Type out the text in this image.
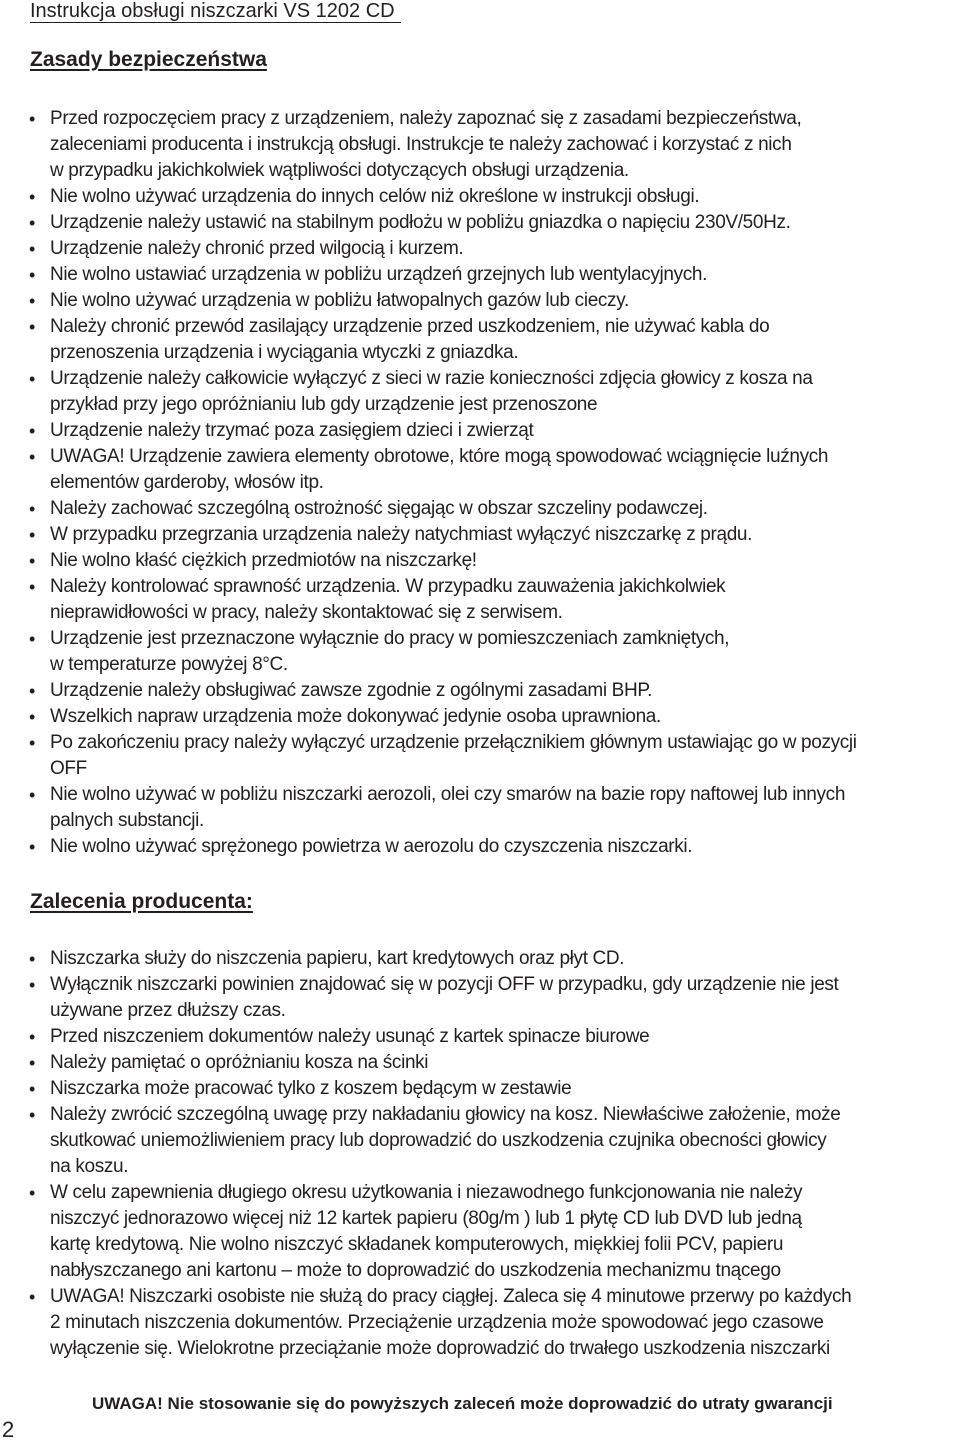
Instrukcja obsługi niszczarki VS 1202 CD
Zasady bezpieczeństwa
• Przed rozpoczęciem pracy z urządzeniem, należy zapoznać się z zasadami bezpieczeństwa,
zaleceniami producenta i instrukcją obsługi. Instrukcje te należy zachować i korzystać z nich
w przypadku jakichkolwiek wątpliwości dotyczących obsługi urządzenia.
• Nie wolno używać urządzenia do innych celów niż określone w instrukcji obsługi.
• Urządzenie należy ustawić na stabilnym podłożu w pobliżu gniazdka o napięciu 230V/50Hz.
• Urządzenie należy chronić przed wilgocią i kurzem.
• Nie wolno ustawiać urządzenia w pobliżu urządzeń grzejnych lub wentylacyjnych.
• Nie wolno używać urządzenia w pobliżu łatwopalnych gazów lub cieczy.
• Należy chronić przewód zasilający urządzenie przed uszkodzeniem, nie używać kabla do
przenoszenia urządzenia i wyciągania wtyczki z gniazdka.
• Urządzenie należy całkowicie wyłączyć z sieci w razie konieczności zdjęcia głowicy z kosza na
przykład przy jego opróżnianiu lub gdy urządzenie jest przenoszone
• Urządzenie należy trzymać poza zasięgiem dzieci i zwierząt
• UWAGA! Urządzenie zawiera elementy obrotowe, które mogą spowodować wciągnięcie luźnych
elementów garderoby, włosów itp.
• Należy zachować szczególną ostrożność sięgając w obszar szczeliny podawczej.
• W przypadku przegrzania urządzenia należy natychmiast wyłączyć niszczarkę z prądu.
• Nie wolno kłaść ciężkich przedmiotów na niszczarkę!
• Należy kontrolować sprawność urządzenia. W przypadku zauważenia jakichkolwiek
nieprawidłowości w pracy, należy skontaktować się z serwisem.
• Urządzenie jest przeznaczone wyłącznie do pracy w pomieszczeniach zamkniętych,
w temperaturze powyżej 8°C.
• Urządzenie należy obsługiwać zawsze zgodnie z ogólnymi zasadami BHP.
• Wszelkich napraw urządzenia może dokonywać jedynie osoba uprawniona.
• Po zakończeniu pracy należy wyłączyć urządzenie przełącznikiem głównym ustawiając go w pozycji
OFF
• Nie wolno używać w pobliżu niszczarki aerozoli, olei czy smarów na bazie ropy naftowej lub innych
palnych substancji.
• Nie wolno używać sprężonego powietrza w aerozolu do czyszczenia niszczarki.
Zalecenia producenta:
• Niszczarka służy do niszczenia papieru, kart kredytowych oraz płyt CD.
• Wyłącznik niszczarki powinien znajdować się w pozycji OFF w przypadku, gdy urządzenie nie jest
używane przez dłuższy czas.
• Przed niszczeniem dokumentów należy usunąć z kartek spinacze biurowe
• Należy pamiętać o opróżnianiu kosza na ścinki
• Niszczarka może pracować tylko z koszem będącym w zestawie
• Należy zwrócić szczególną uwagę przy nakładaniu głowicy na kosz. Niewłaściwe założenie, może
skutkować uniemożliwieniem pracy lub doprowadzić do uszkodzenia czujnika obecności głowicy
na koszu.
• W celu zapewnienia długiego okresu użytkowania i niezawodnego funkcjonowania nie należy
niszczyć jednorazowo więcej niż 12 kartek papieru (80g/m ) lub 1 płytę CD lub DVD lub jedną
kartę kredytową. Nie wolno niszczyć składanek komputerowych, miękkiej folii PCV, papieru
nabłyszczanego ani kartonu – może to doprowadzić do uszkodzenia mechanizmu tnącego
• UWAGA! Niszczarki osobiste nie służą do pracy ciągłej. Zaleca się 4 minutowe przerwy po każdych
2 minutach niszczenia dokumentów. Przeciążenie urządzenia może spowodować jego czasowe
wyłączenie się. Wielokrotne przeciążanie może doprowadzić do trwałego uszkodzenia niszczarki
UWAGA! Nie stosowanie się do powyższych zaleceń może doprowadzić do utraty gwarancji
2
